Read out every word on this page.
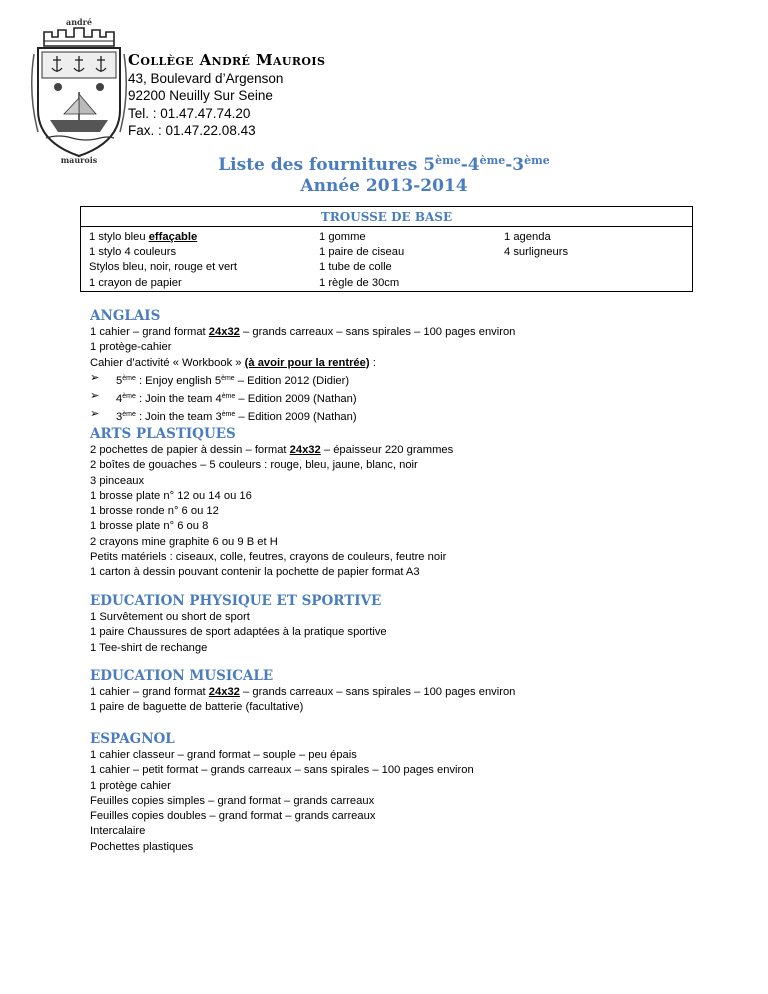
andré
maurois
Collège André Maurois
43, Boulevard d’Argenson
92200 Neuilly Sur Seine
Tel. : 01.47.47.74.20
Fax. : 01.47.22.08.43
Liste des fournitures 5ème-4ème-3ème
Année 2013-2014
TROUSSE DE BASE
1 stylo bleu effaçable
1 stylo 4 couleurs
Stylos bleu, noir, rouge et vert
1 crayon de papier
1 gomme
1 paire de ciseau
1 tube de colle
1 règle de 30cm
1 agenda
4 surligneurs
ANGLAIS
1 cahier – grand format 24x32 – grands carreaux – sans spirales – 100 pages environ
1 protège-cahier
Cahier d’activité « Workbook » (à avoir pour la rentrée) :
➢ 5ème : Enjoy english 5ème – Edition 2012 (Didier)
➢ 4ème : Join the team 4ème – Edition 2009 (Nathan)
➢ 3ème : Join the team 3ème – Edition 2009 (Nathan)
ARTS PLASTIQUES
2 pochettes de papier à dessin – format 24x32 – épaisseur 220 grammes
2 boîtes de gouaches – 5 couleurs : rouge, bleu, jaune, blanc, noir
3 pinceaux
1 brosse plate n° 12 ou 14 ou 16
1 brosse ronde n° 6 ou 12
1 brosse plate n° 6 ou 8
2 crayons mine graphite 6 ou 9 B et H
Petits matériels : ciseaux, colle, feutres, crayons de couleurs, feutre noir
1 carton à dessin pouvant contenir la pochette de papier format A3
EDUCATION PHYSIQUE ET SPORTIVE
1 Survêtement ou short de sport
1 paire Chaussures de sport adaptées à la pratique sportive
1 Tee-shirt de rechange
EDUCATION MUSICALE
1 cahier – grand format 24x32 – grands carreaux – sans spirales – 100 pages environ
1 paire de baguette de batterie (facultative)
ESPAGNOL
1 cahier classeur – grand format – souple – peu épais
1 cahier – petit format – grands carreaux – sans spirales – 100 pages environ
1 protège cahier
Feuilles copies simples – grand format – grands carreaux
Feuilles copies doubles – grand format – grands carreaux
Intercalaire
Pochettes plastiques
